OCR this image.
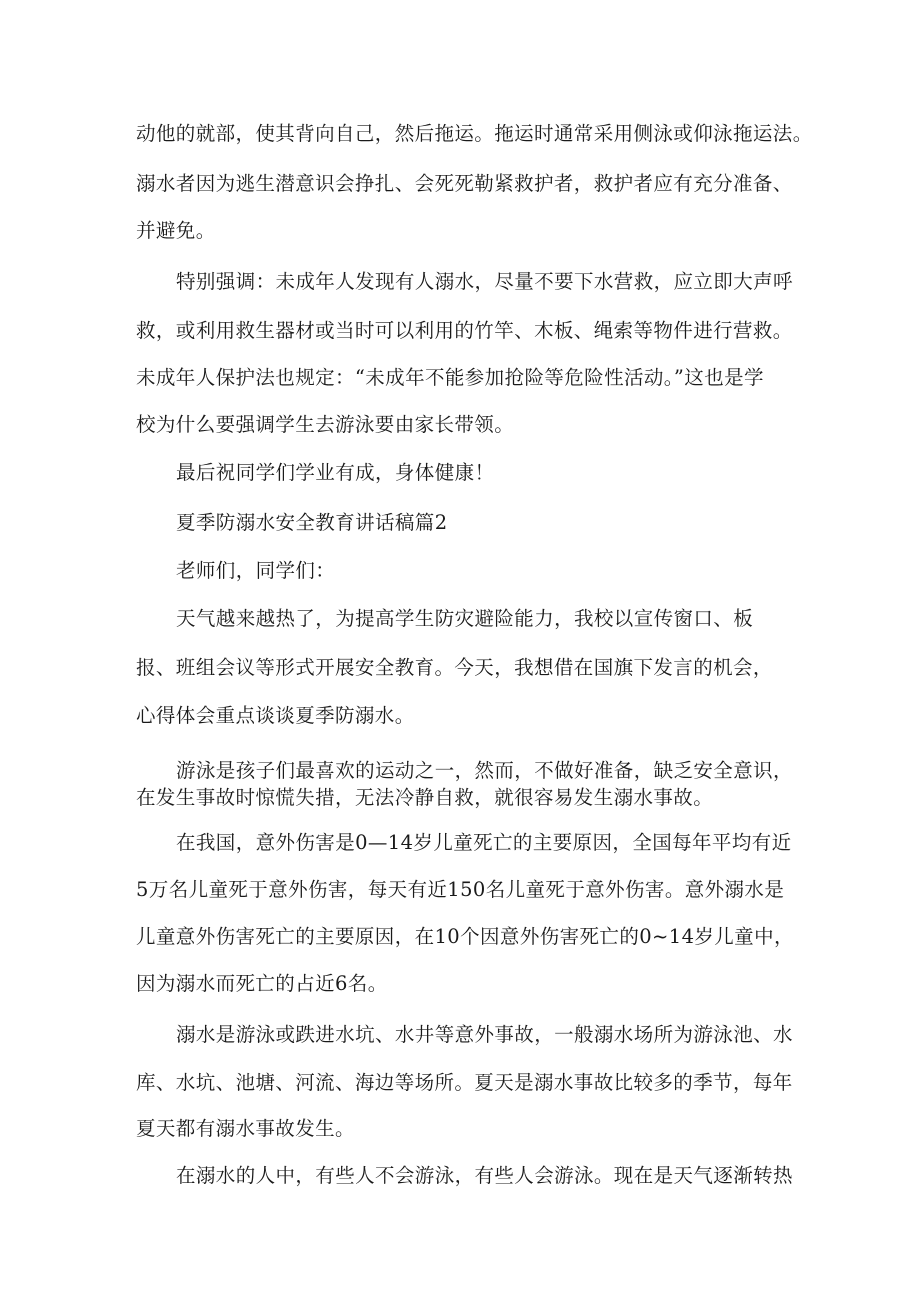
动他的就部，使其背向自己，然后拖运。拖运时通常采用侧泳或仰泳拖运法。
溺水者因为逃生潜意识会挣扎、会死死勒紧救护者，救护者应有充分准备、
并避免。
特别强调：未成年人发现有人溺水，尽量不要下水营救，应立即大声呼
救，或利用救生器材或当时可以利用的竹竿、木板、绳索等物件进行营救。
未成年人保护法也规定：“未成年不能参加抢险等危险性活动。”这也是学
校为什么要强调学生去游泳要由家长带领。
最后祝同学们学业有成，身体健康！
夏季防溺水安全教育讲话稿篇2
老师们，同学们：
天气越来越热了，为提高学生防灾避险能力，我校以宣传窗口、板
报、班组会议等形式开展安全教育。今天，我想借在国旗下发言的机会，
心得体会重点谈谈夏季防溺水。
游泳是孩子们最喜欢的运动之一，然而，不做好准备，缺乏安全意识，
在发生事故时惊慌失措，无法冷静自救，就很容易发生溺水事故。
在我国，意外伤害是0—14岁儿童死亡的主要原因，全国每年平均有近
5万名儿童死于意外伤害，每天有近150名儿童死于意外伤害。意外溺水是
儿童意外伤害死亡的主要原因，在10个因意外伤害死亡的0~14岁儿童中，
因为溺水而死亡的占近6名。
溺水是游泳或跌进水坑、水井等意外事故，一般溺水场所为游泳池、水
库、水坑、池塘、河流、海边等场所。夏天是溺水事故比较多的季节，每年
夏天都有溺水事故发生。
在溺水的人中，有些人不会游泳，有些人会游泳。现在是天气逐渐转热
